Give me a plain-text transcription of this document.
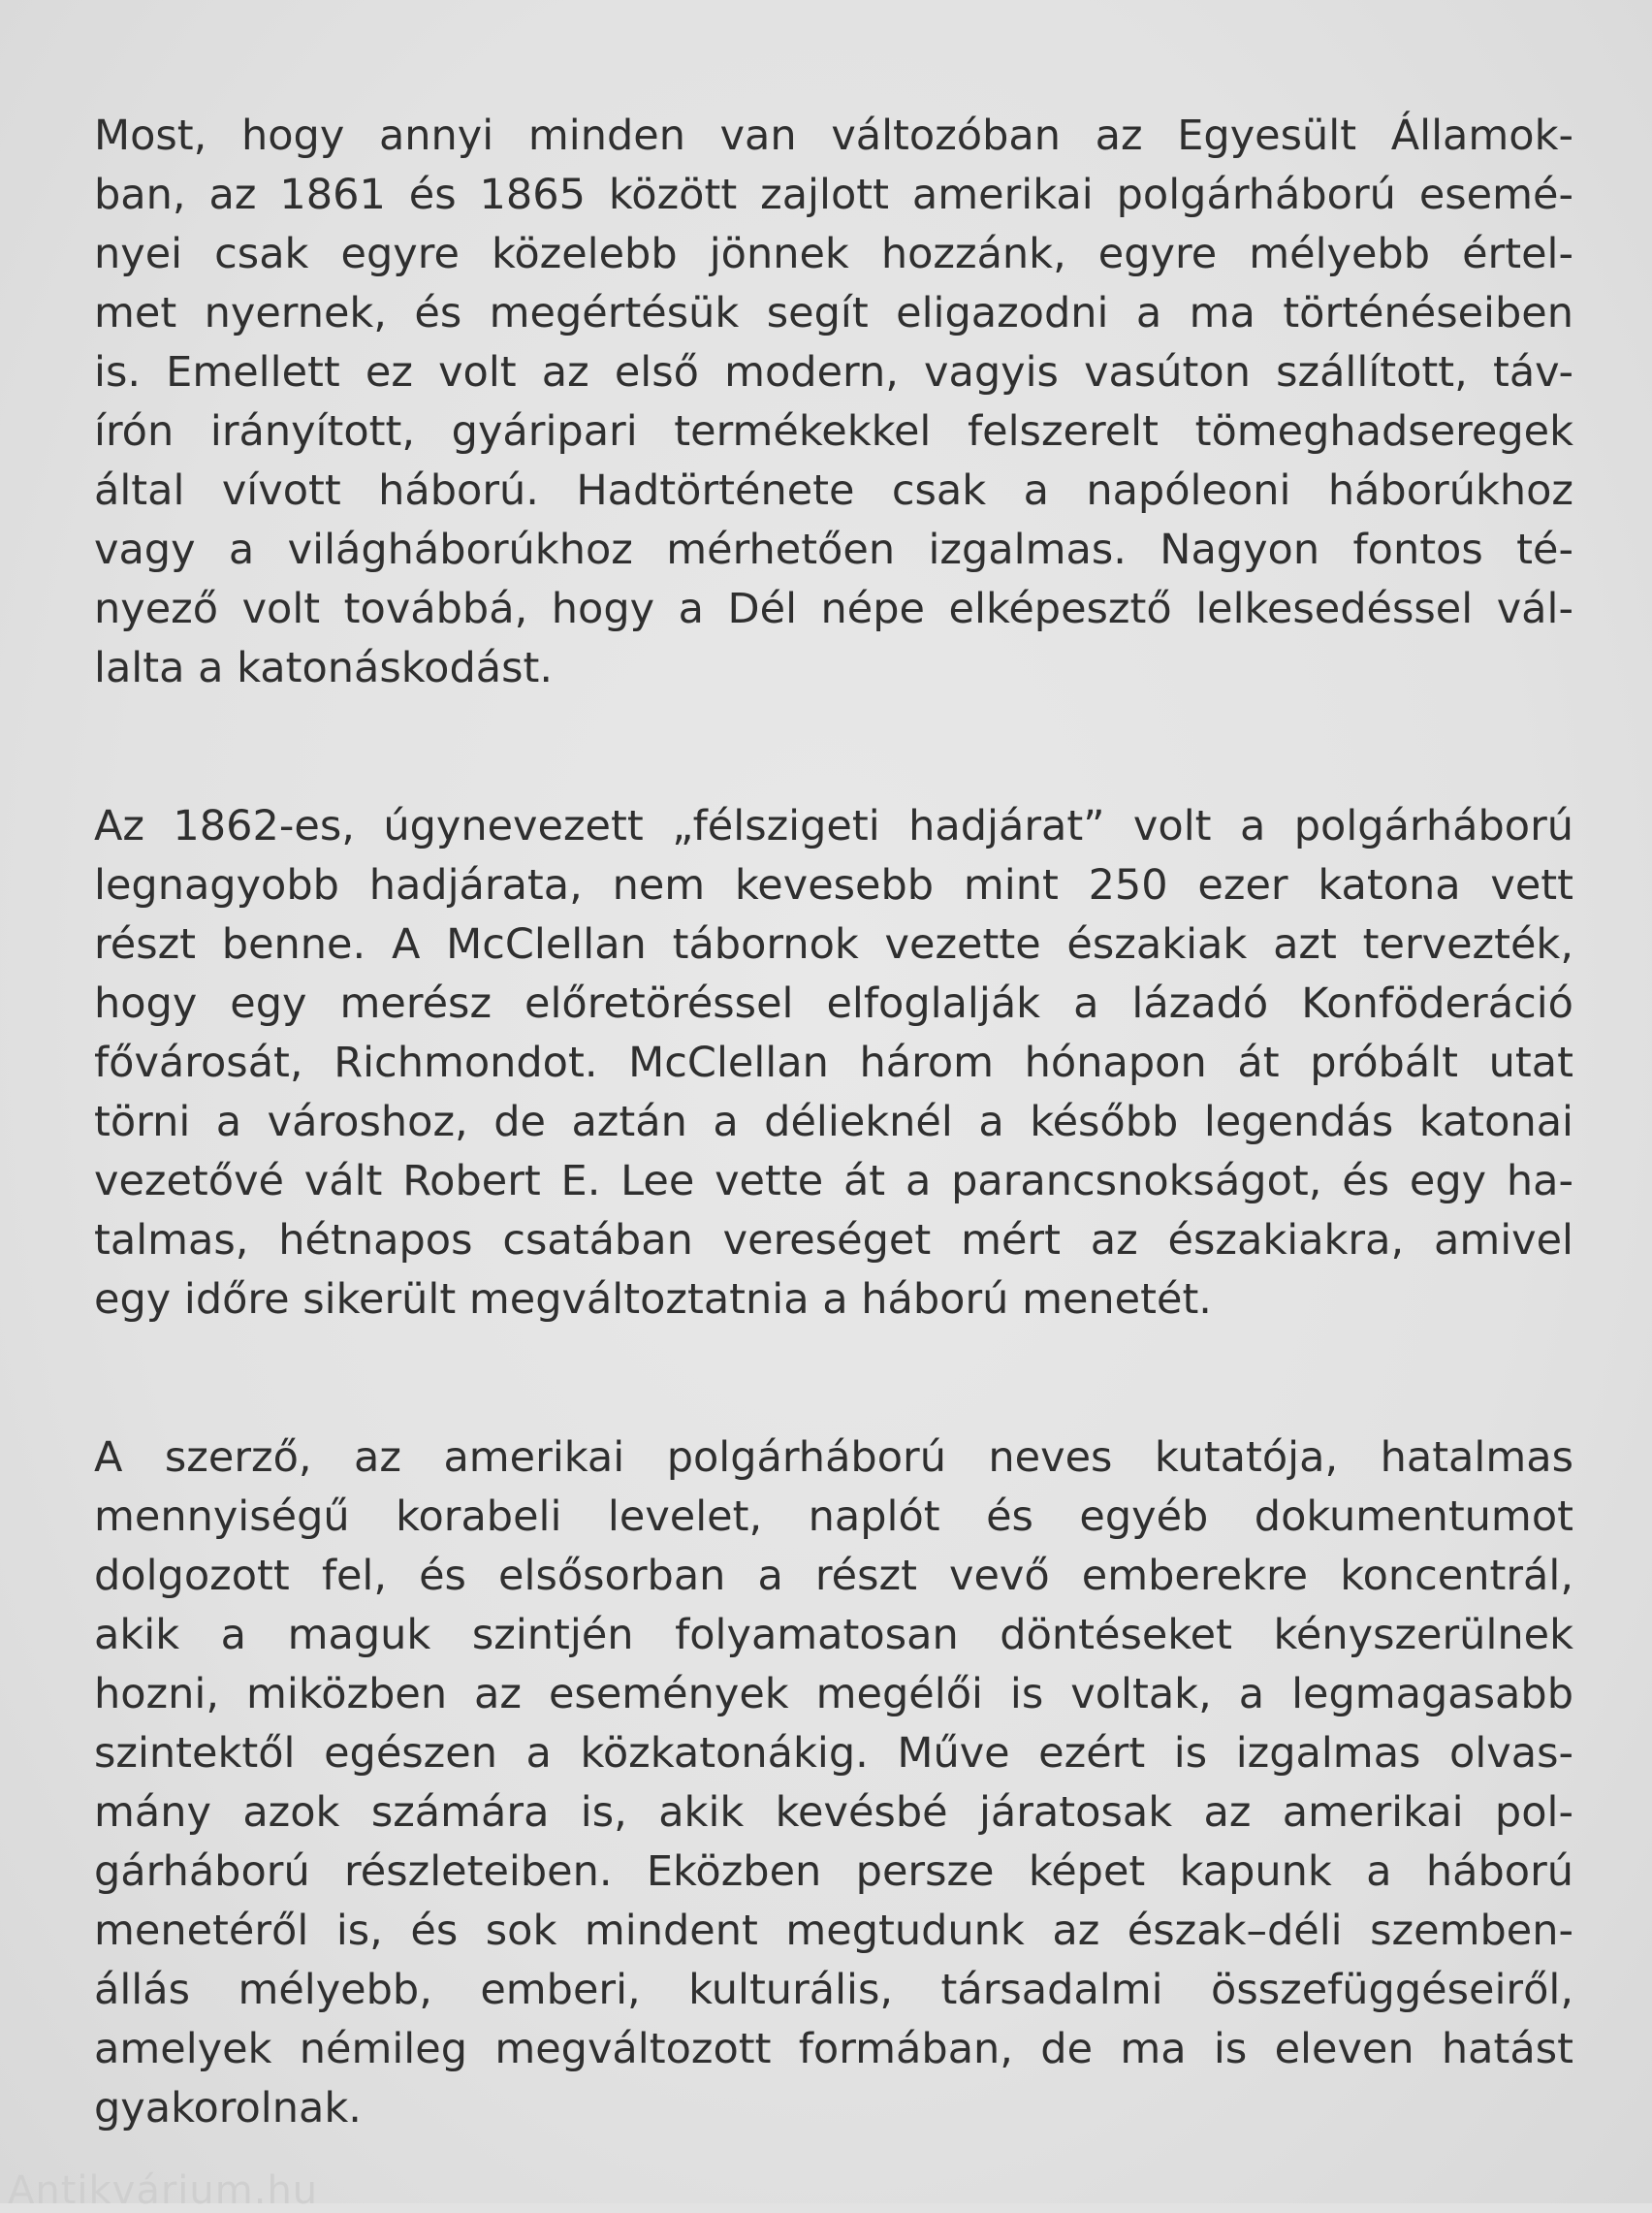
Most, hogy annyi minden van változóban az Egyesült Államok-
ban, az 1861 és 1865 között zajlott amerikai polgárháború esemé-
nyei csak egyre közelebb jönnek hozzánk, egyre mélyebb értel-
met nyernek, és megértésük segít eligazodni a ma történéseiben
is. Emellett ez volt az első modern, vagyis vasúton szállított, táv-
írón irányított, gyáripari termékekkel felszerelt tömeghadseregek
által vívott háború. Hadtörténete csak a napóleoni háborúkhoz
vagy a világháborúkhoz mérhetően izgalmas. Nagyon fontos té-
nyező volt továbbá, hogy a Dél népe elképesztő lelkesedéssel vál-
lalta a katonáskodást.
Az 1862-es, úgynevezett „félszigeti hadjárat” volt a polgárháború
legnagyobb hadjárata, nem kevesebb mint 250 ezer katona vett
részt benne. A McClellan tábornok vezette északiak azt tervezték,
hogy egy merész előretöréssel elfoglalják a lázadó Konföderáció
fővárosát, Richmondot. McClellan három hónapon át próbált utat
törni a városhoz, de aztán a délieknél a később legendás katonai
vezetővé vált Robert E. Lee vette át a parancsnokságot, és egy ha-
talmas, hétnapos csatában vereséget mért az északiakra, amivel
egy időre sikerült megváltoztatnia a háború menetét.
A szerző, az amerikai polgárháború neves kutatója, hatalmas
mennyiségű korabeli levelet, naplót és egyéb dokumentumot
dolgozott fel, és elsősorban a részt vevő emberekre koncentrál,
akik a maguk szintjén folyamatosan döntéseket kényszerülnek
hozni, miközben az események megélői is voltak, a legmagasabb
szintektől egészen a közkatonákig. Műve ezért is izgalmas olvas-
mány azok számára is, akik kevésbé járatosak az amerikai pol-
gárháború részleteiben. Eközben persze képet kapunk a háború
menetéről is, és sok mindent megtudunk az észak–déli szemben-
állás mélyebb, emberi, kulturális, társadalmi összefüggéseiről,
amelyek némileg megváltozott formában, de ma is eleven hatást
gyakorolnak.
Antikvárium.hu
